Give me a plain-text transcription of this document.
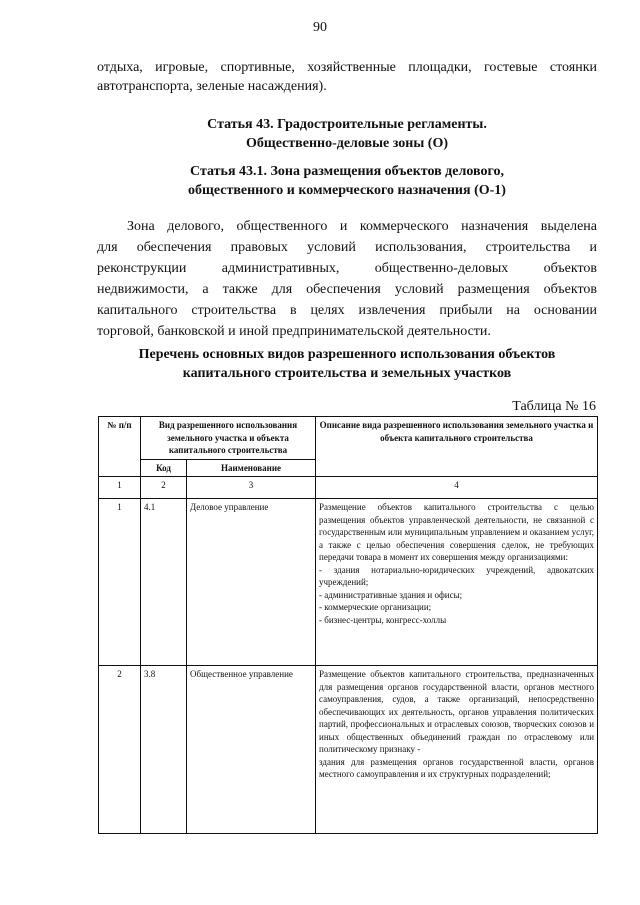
90
отдыха, игровые, спортивные, хозяйственные площадки, гостевые стоянки
автотранспорта, зеленые насаждения).
Статья 43. Градостроительные регламенты.
Общественно-деловые зоны (О)
Статья 43.1. Зона размещения объектов делового,
общественного и коммерческого назначения (О-1)
Зона делового, общественного и коммерческого назначения выделена
для обеспечения правовых условий использования, строительства и
реконструкции административных, общественно-деловых объектов
недвижимости, а также для обеспечения условий размещения объектов
капитального строительства в целях извлечения прибыли на основании
торговой, банковской и иной предпринимательской деятельности.
Перечень основных видов разрешенного использования объектов
капитального строительства и земельных участков
Таблица № 16
№ п/п	Вид разрешенного использования земельного участка и объекта капитального строительства		Описание вида разрешенного использования земельного участка и объекта капитального строительства
	Код	Наименование	
1	2	3	4
1	4.1	Деловое управление	Размещение объектов капитального строительства с целью размещения объектов управленческой деятельности, не связанной с государственным или муниципальным управлением и оказанием услуг, а также с целью обеспечения совершения сделок, не требующих передачи товара в момент их совершения между организациями:
- здания нотариально-юридических учреждений, адвокатских учреждений;
- административные здания и офисы;
- коммерческие организации;
- бизнес-центры, конгресс-холлы

2	3.8	Общественное управление	Размещение объектов капитального строительства, предназначенных для размещения органов государственной власти, органов местного самоуправления, судов, а также организаций, непосредственно обеспечивающих их деятельность, органов управления политических партий, профессиональных и отраслевых союзов, творческих союзов и иных общественных объединений граждан по отраслевому или политическому признаку -
здания для размещения органов государственной власти, органов местного самоуправления и их структурных подразделений;
